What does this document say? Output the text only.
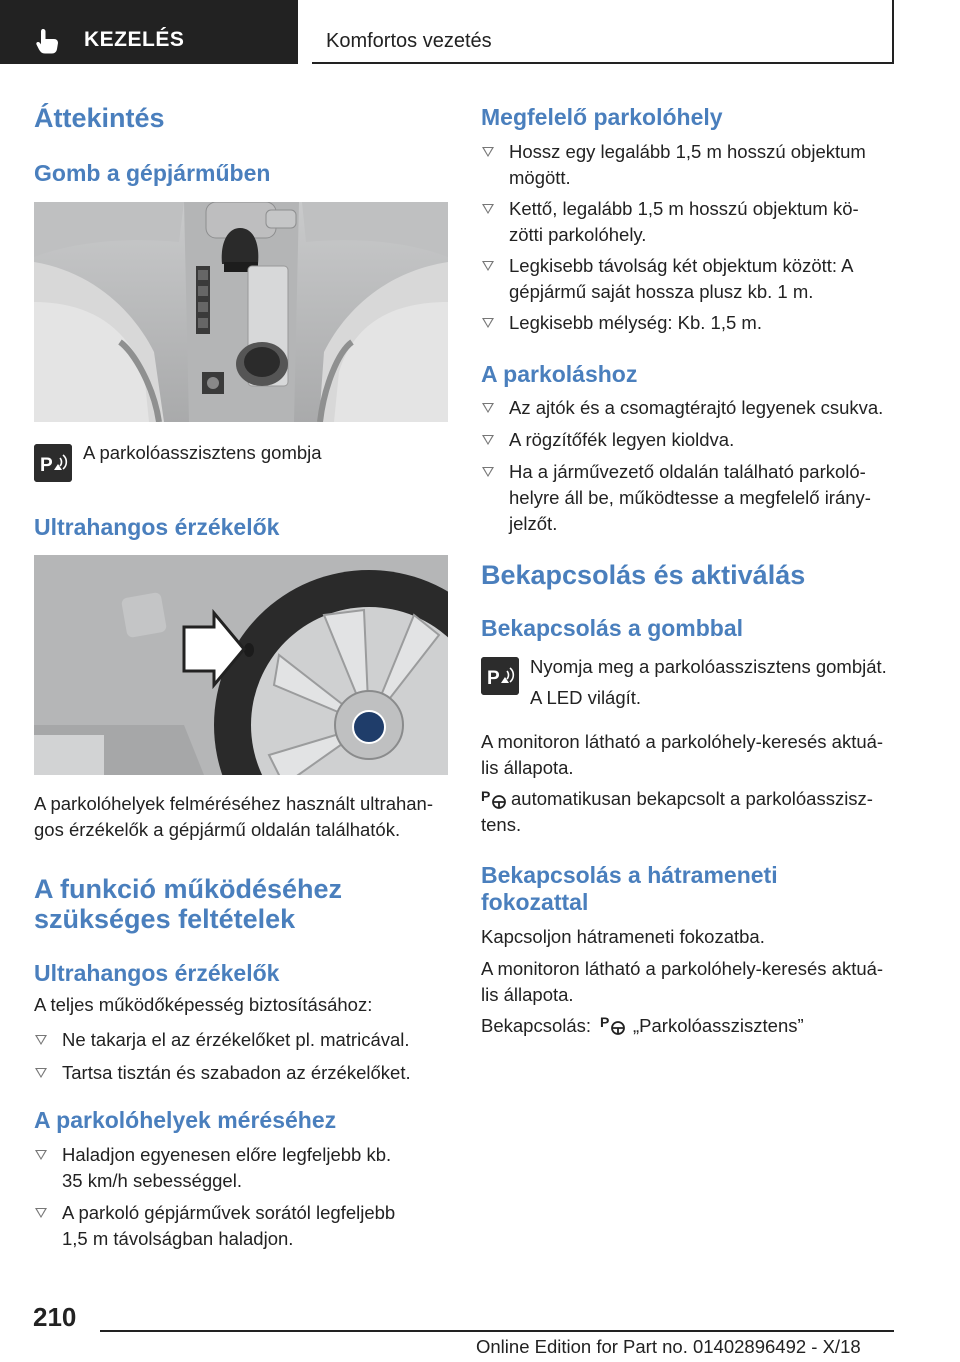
KEZELÉS	Komfortos vezetés
Áttekintés
Gomb a gépjárműben
P

A parkolóasszisztens gombja

Ultrahangos érzékelők

A parkolóhelyek felméréséhez használt ultrahan-
gos érzékelők a gépjármű oldalán találhatók.

A funkció működéséhez
szükséges feltételek
Ultrahangos érzékelők

A teljes működőképesség biztosításához:

Ne takarja el az érzékelőket pl. matricával.
Tartsa tisztán és szabadon az érzékelőket.
A parkolóhelyek méréséhez
Haladjon egyenesen előre legfeljebb kb.
35 km/h sebességgel.
A parkoló gépjárművek sorától legfeljebb
1,5 m távolságban haladjon.
Megfelelő parkolóhely
Hossz egy legalább 1,5 m hosszú objektum
mögött.
Kettő, legalább 1,5 m hosszú objektum kö-
zötti parkolóhely.
Legkisebb távolság két objektum között: A
gépjármű saját hossza plusz kb. 1 m.
Legkisebb mélység: Kb. 1,5 m.
A parkoláshoz
Az ajtók és a csomagtérajtó legyenek csukva.
A rögzítőfék legyen kioldva.
Ha a járművezető oldalán található parkoló-
helyre áll be, működtesse a megfelelő irány-
jelzőt.
Bekapcsolás és aktiválás
Bekapcsolás a gombbal
P

Nyomja meg a parkolóasszisztens gombját.

A LED világít.

A monitoron látható a parkolóhely-keresés aktuá-
lis állapota.

P	automatikusan bekapcsolt a parkolóasszisz-
tens.

Bekapcsolás a hátrameneti
fokozattal

Kapcsoljon hátrameneti fokozatba.

A monitoron látható a parkolóhely-keresés aktuá-
lis állapota.

Bekapcsolás: P „Parkolóasszisztens”

210
Online Edition for Part no. 01402896492 - X/18
